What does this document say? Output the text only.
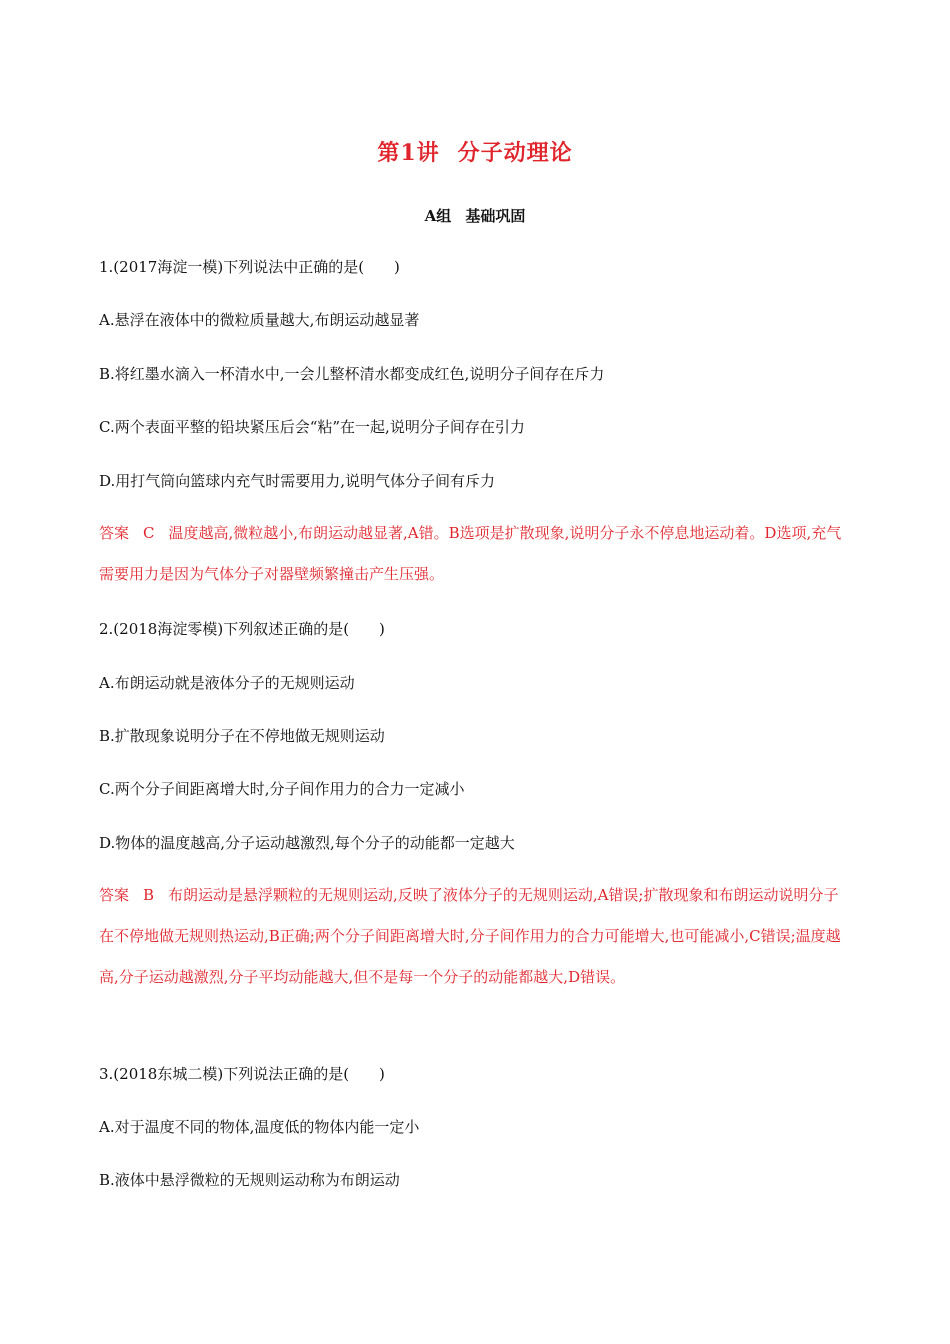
第1讲 分子动理论
A组 基础巩固
1.(2017海淀一模)下列说法中正确的是(　　)
A.悬浮在液体中的微粒质量越大,布朗运动越显著
B.将红墨水滴入一杯清水中,一会儿整杯清水都变成红色,说明分子间存在斥力
C.两个表面平整的铅块紧压后会“粘”在一起,说明分子间存在引力
D.用打气筒向篮球内充气时需要用力,说明气体分子间有斥力
答案 C 温度越高,微粒越小,布朗运动越显著,A错。B选项是扩散现象,说明分子永不停息地运动着。D选项,充气需要用力是因为气体分子对器壁频繁撞击产生压强。
2.(2018海淀零模)下列叙述正确的是(　　)
A.布朗运动就是液体分子的无规则运动
B.扩散现象说明分子在不停地做无规则运动
C.两个分子间距离增大时,分子间作用力的合力一定减小
D.物体的温度越高,分子运动越激烈,每个分子的动能都一定越大
答案 B 布朗运动是悬浮颗粒的无规则运动,反映了液体分子的无规则运动,A错误;扩散现象和布朗运动说明分子在不停地做无规则热运动,B正确;两个分子间距离增大时,分子间作用力的合力可能增大,也可能减小,C错误;温度越高,分子运动越激烈,分子平均动能越大,但不是每一个分子的动能都越大,D错误。
3.(2018东城二模)下列说法正确的是(　　)
A.对于温度不同的物体,温度低的物体内能一定小
B.液体中悬浮微粒的无规则运动称为布朗运动
